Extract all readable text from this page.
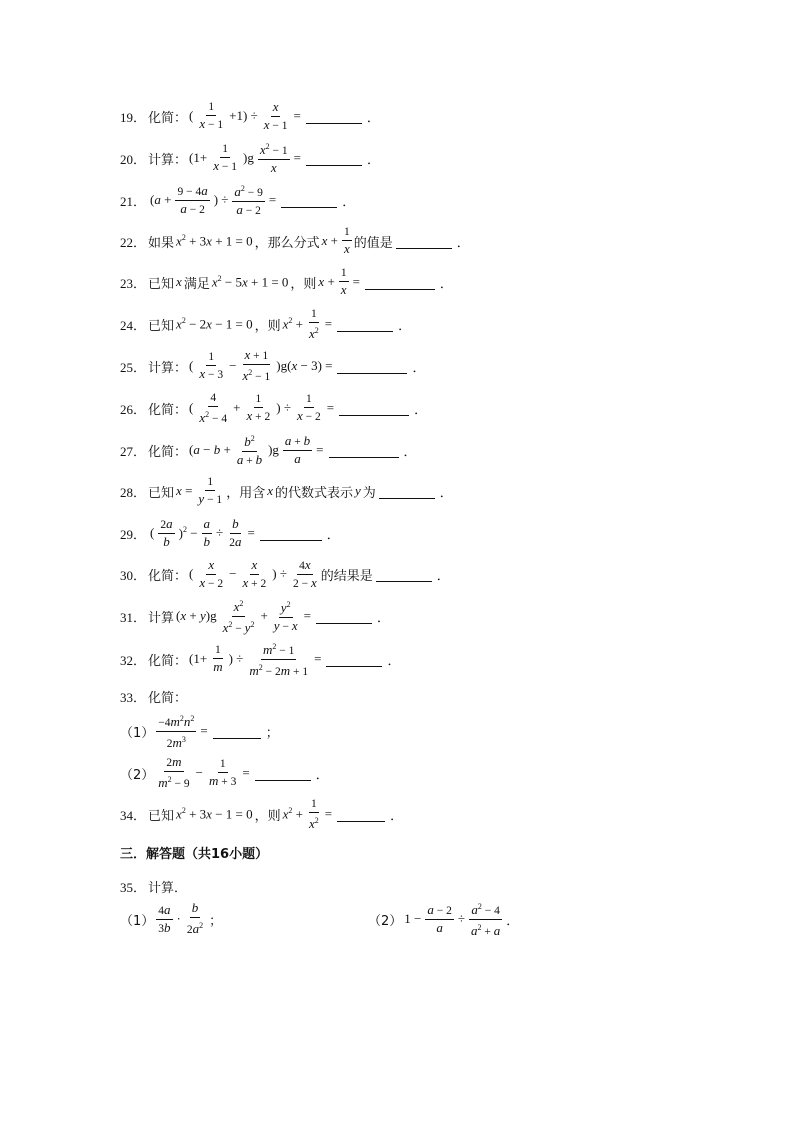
19． 化简： ( $\frac{1}{x - 1} +1) \div \frac{x}{x - 1}$ =	．
20． 计算： $(1+ \frac{1}{x - 1} )g \frac{x^2 - 1}{x}$ =	．
21． ($a + \frac{9 - 4a}{a - 2}$ ) ÷ $\frac{a^2 - 9}{a - 2}$ =	．
22． 如果 $x^2 + 3x + 1 = 0$ ，那么分式 $x + \frac{1}{x}$ 的值是	．
23． 已知 x 满足 $x^2 - 5x + 1 = 0$ ，则 $x + \frac{1}{x}$ =	．
24． 已知 $x^2 - 2x - 1 = 0$ ，则 $x^2 + \frac{1}{x^2}$ =	．
25． 计算： ( $\frac{1}{x - 3} - \frac{x + 1}{x^2 - 1} )g(x - 3)$ =	．
26． 化简： ( $\frac{4}{x^2 - 4} + \frac{1}{x + 2}$ ) ÷ $\frac{1}{x - 2}$ =	．
27． 化简： $(a - b + \frac{b^2}{a + b} )g \frac{a + b}{a}$ =	．
28． 已知 $x = \frac{1}{y - 1}$ ，用含 x 的代数式表示 y 为	．
29． ( $\frac{2a}{b} )^2 - \frac{a}{b} \div \frac{b}{2a}$ =	．
30． 化简： ( $\frac{x}{x - 2} - \frac{x}{x + 2}$ ) ÷ $\frac{4x}{2 - x}$ 的结果是	．
31． 计算 $(x + y)g \frac{x^2}{x^2 - y^2} + \frac{y^2}{y - x}$ =	．
32． 化简： ($1+ \frac{1}{m}$ ) ÷ $\frac{m^2 - 1}{m^2 - 2m + 1}$ =	．
33． 化简：
$(1) \frac{-4m^2n^2}{2m^3}$ =	；
$(2) \frac{2m}{m^2 - 9} - \frac{1}{m + 3}$ =	．
34． 已知 $x^2 + 3x - 1 = 0$ ，则 $x^2 + \frac{1}{x^2}$ =	．
三．解答题（共16小题）
35． 计算．
$(1) \frac{4a}{3b} \cdot \frac{b}{2a^2}$ ；	（2） $1 - \frac{a - 2}{a} \div \frac{a^2 - 4}{a^2 + a}$ ．
